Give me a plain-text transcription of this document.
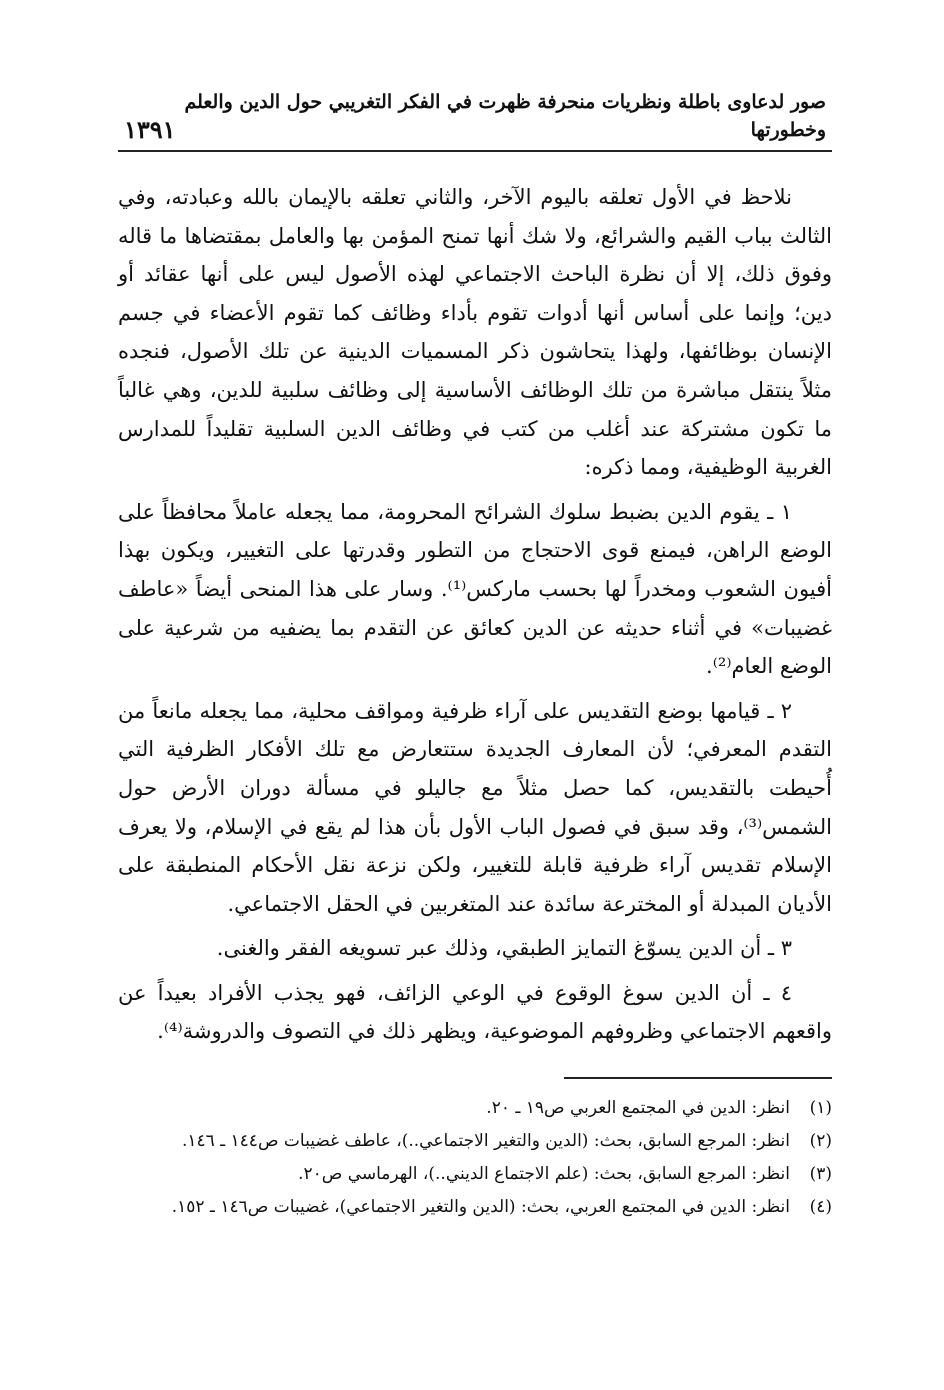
صور لدعاوى باطلة ونظريات منحرفة ظهرت في الفكر التغريبي حول الدين والعلم وخطورتها
١٣٩١

نلاحظ في الأول تعلقه باليوم الآخر، والثاني تعلقه بالإيمان بالله وعبادته، وفي الثالث بباب القيم والشرائع، ولا شك أنها تمنح المؤمن بها والعامل بمقتضاها ما قاله وفوق ذلك، إلا أن نظرة الباحث الاجتماعي لهذه الأصول ليس على أنها عقائد أو دين؛ وإنما على أساس أنها أدوات تقوم بأداء وظائف كما تقوم الأعضاء في جسم الإنسان بوظائفها، ولهذا يتحاشون ذكر المسميات الدينية عن تلك الأصول، فنجده مثلاً ينتقل مباشرة من تلك الوظائف الأساسية إلى وظائف سلبية للدين، وهي غالباً ما تكون مشتركة عند أغلب من كتب في وظائف الدين السلبية تقليداً للمدارس الغربية الوظيفية، ومما ذكره:

١ ـ يقوم الدين بضبط سلوك الشرائح المحرومة، مما يجعله عاملاً محافظاً على الوضع الراهن، فيمنع قوى الاحتجاج من التطور وقدرتها على التغيير، ويكون بهذا أفيون الشعوب ومخدراً لها بحسب ماركس⁽¹⁾. وسار على هذا المنحى أيضاً «عاطف غضيبات» في أثناء حديثه عن الدين كعائق عن التقدم بما يضفيه من شرعية على الوضع العام⁽²⁾.

٢ ـ قيامها بوضع التقديس على آراء ظرفية ومواقف محلية، مما يجعله مانعاً من التقدم المعرفي؛ لأن المعارف الجديدة ستتعارض مع تلك الأفكار الظرفية التي أُحيطت بالتقديس، كما حصل مثلاً مع جاليلو في مسألة دوران الأرض حول الشمس⁽³⁾، وقد سبق في فصول الباب الأول بأن هذا لم يقع في الإسلام، ولا يعرف الإسلام تقديس آراء ظرفية قابلة للتغيير، ولكن نزعة نقل الأحكام المنطبقة على الأديان المبدلة أو المخترعة سائدة عند المتغربين في الحقل الاجتماعي.

٣ ـ أن الدين يسوّغ التمايز الطبقي، وذلك عبر تسويغه الفقر والغنى.

٤ ـ أن الدين سوغ الوقوع في الوعي الزائف، فهو يجذب الأفراد بعيداً عن واقعهم الاجتماعي وظروفهم الموضوعية، ويظهر ذلك في التصوف والدروشة⁽⁴⁾.

(١)
انظر: الدين في المجتمع العربي ص١٩ ـ ٢٠.
(٢)
انظر: المرجع السابق، بحث: (الدين والتغير الاجتماعي..)، عاطف غضيبات ص١٤٤ ـ ١٤٦.
(٣)
انظر: المرجع السابق، بحث: (علم الاجتماع الديني..)، الهرماسي ص٢٠.
(٤)
انظر: الدين في المجتمع العربي، بحث: (الدين والتغير الاجتماعي)، غضيبات ص١٤٦ ـ ١٥٢.
